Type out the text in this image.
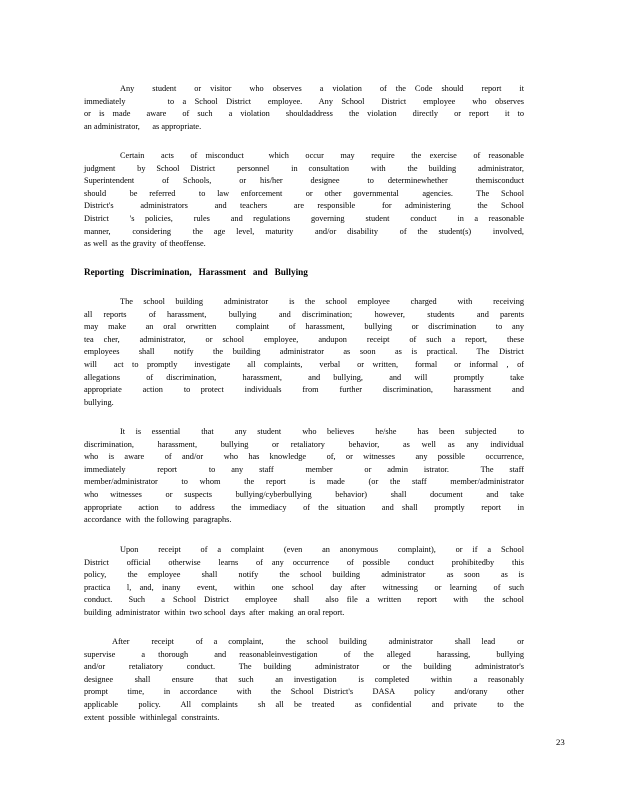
Any  student  or visitor  who observes  a violation  of the Code should  report  it
immediately     to a School District  employee.  Any School  District  employee  who observes
or is made  aware  of such  a violation  shouldaddress  the violation  directly  or report  it to
an administrator,      as appropriate.
Certain  acts  of misconduct   which  occur  may  require  the exercise  of reasonable
judgment  by School District  personnel  in consultation  with  the building  administrator,
Superintendent  of Schools,  or his/her  designee  to determinewhether  themisconduct
should  be referred  to law enforcement  or other governmental  agencies.  The School
District's  administrators  and teachers  are responsible  for administering  the School
District  's policies,  rules  and regulations  governing  student  conduct  in a reasonable
manner,  considering  the age level, maturity  and/or disability  of the student(s)  involved,
as well  as the gravity  of theoffense.
Reporting   Discrimination,   Harassment   and   Bullying
The school building  administrator  is the school employee  charged  with  receiving
all reports  of harassment,  bullying  and discrimination;  however,  students  and parents
may make  an oral orwritten  complaint  of harassment,  bullying  or discrimination  to any
tea cher,  administrator,  or school  employee,  andupon  receipt  of such a report,  these
employees  shall  notify  the building  administrator  as soon  as is practical.  The District
will  act to promptly  investigate  all complaints,  verbal  or written,  formal  or informal , of
allegations  of discrimination,  harassment,  and bullying,  and will  promptly  take
appropriate  action  to protect  individuals  from  further  discrimination,  harassment  and
bullying.
It is essential  that  any student  who believes  he/she  has been subjected  to
discrimination,  harassment,  bullying  or retaliatory  behavior,  as well as any individual
who is aware  of and/or  who has knowledge  of, or witnesses  any possible  occurrence,
immediately  report  to any staff  member  or admin istrator.  The staff
member/administrator  to whom  the report  is made  (or the staff  member/administrator
who witnesses  or suspects  bullying/cyberbullying  behavior)  shall  document  and take
appropriate  action  to address  the immediacy  of the situation  and shall  promptly  report  in
accordance  with  the following  paragraphs.
Upon  receipt  of a complaint  (even  an anonymous  complaint),  or if a School
District  official  otherwise  learns  of any occurrence  of possible  conduct  prohibitedby  this
policy,  the employee  shall  notify  the school building  administrator  as soon  as is
practica  l, and, inany  event,  within  one school  day after  witnessing  or learning  of such
conduct.  Such  a School District  employee  shall  also file a written  report  with  the school
building  administrator  within  two school  days  after  making  an oral report.
After  receipt  of a complaint,  the school building  administrator  shall lead  or
supervise  a thorough  and reasonableinvestigation  of the alleged  harassing,  bullying
and/or  retaliatory  conduct.  The building  administrator  or the building  administrator's
designee  shall  ensure  that such  an investigation  is completed  within  a reasonably
prompt  time,  in accordance  with  the School District's  DASA  policy  and/orany  other
applicable  policy.  All complaints  sh all be treated  as confidential  and private  to the
extent  possible  withinlegal  constraints.
23
